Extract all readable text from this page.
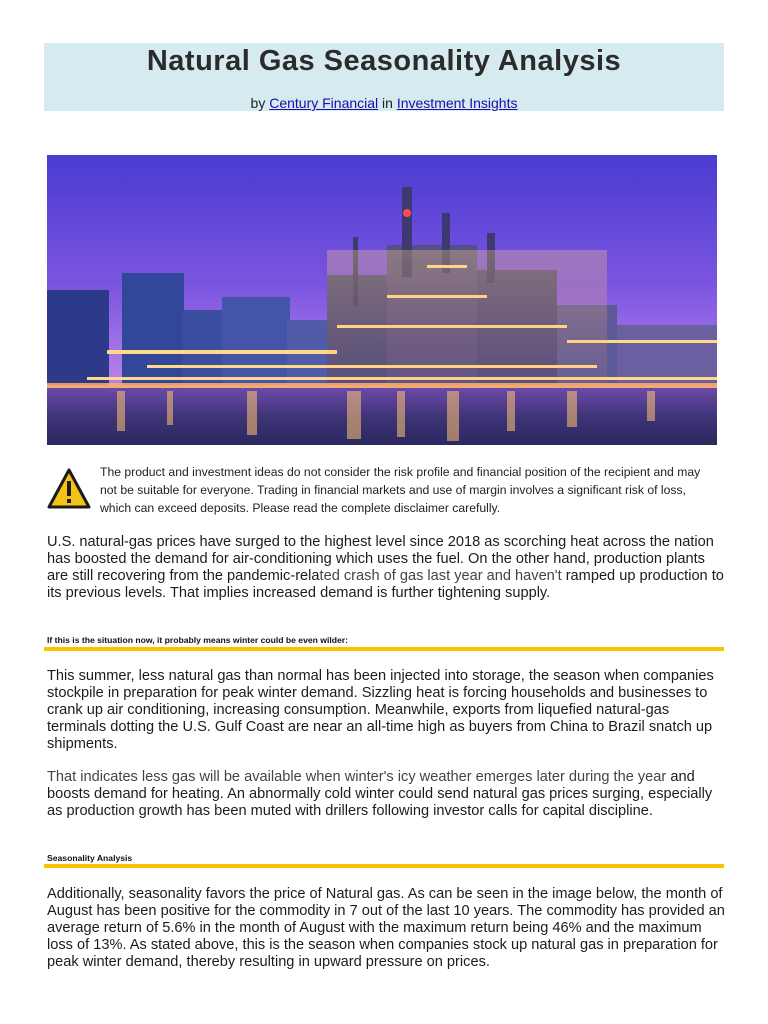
Natural Gas Seasonality Analysis
by Century Financial in Investment Insights
The product and investment ideas do not consider the risk profile and financial position of the recipient and may not be suitable for everyone. Trading in financial markets and use of margin involves a significant risk of loss, which can exceed deposits. Please read the complete disclaimer carefully.
U.S. natural-gas prices have surged to the highest level since 2018 as scorching heat across the nation has boosted the demand for air-conditioning which uses the fuel. On the other hand, production plants are still recovering from the pandemic-related crash of gas last year and haven't ramped up production to its previous levels. That implies increased demand is further tightening supply.
If this is the situation now, it probably means winter could be even wilder:
This summer, less natural gas than normal has been injected into storage, the season when companies stockpile in preparation for peak winter demand. Sizzling heat is forcing households and businesses to crank up air conditioning, increasing consumption. Meanwhile, exports from liquefied natural-gas terminals dotting the U.S. Gulf Coast are near an all-time high as buyers from China to Brazil snatch up shipments.
That indicates less gas will be available when winter's icy weather emerges later during the year and boosts demand for heating. An abnormally cold winter could send natural gas prices surging, especially as production growth has been muted with drillers following investor calls for capital discipline.
Seasonality Analysis
Additionally, seasonality favors the price of Natural gas. As can be seen in the image below, the month of August has been positive for the commodity in 7 out of the last 10 years. The commodity has provided an average return of 5.6% in the month of August with the maximum return being 46% and the maximum loss of 13%. As stated above, this is the season when companies stock up natural gas in preparation for peak winter demand, thereby resulting in upward pressure on prices.
